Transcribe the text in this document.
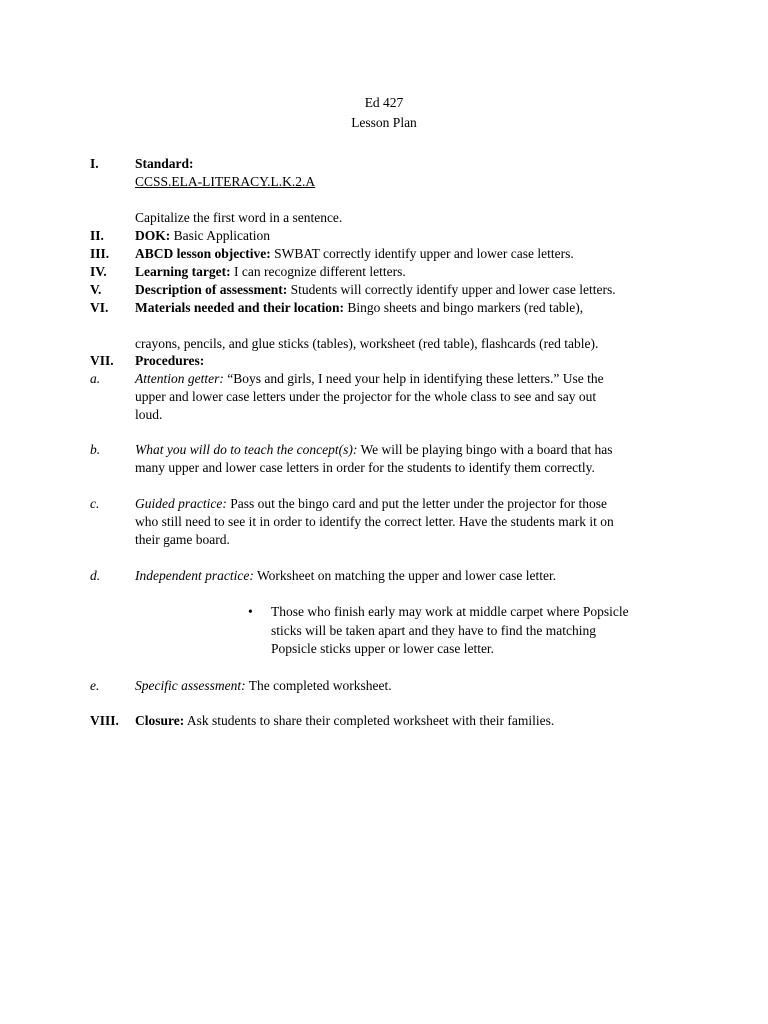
Ed 427
Lesson Plan
I.	Standard:
CCSS.ELA-LITERACY.L.K.2.A
Capitalize the first word in a sentence.
II. DOK: Basic Application
III. ABCD lesson objective: SWBAT correctly identify upper and lower case letters.
IV. Learning target: I can recognize different letters.
V. Description of assessment: Students will correctly identify upper and lower case letters.
VI. Materials needed and their location: Bingo sheets and bingo markers (red table),
crayons, pencils, and glue sticks (tables), worksheet (red table), flashcards (red table).
VII. Procedures:
a.	Attention getter: “Boys and girls, I need your help in identifying these letters.” Use the
upper and lower case letters under the projector for the whole class to see and say out
loud.
b.	What you will do to teach the concept(s): We will be playing bingo with a board that has
many upper and lower case letters in order for the students to identify them correctly.
c.	Guided practice: Pass out the bingo card and put the letter under the projector for those
who still need to see it in order to identify the correct letter. Have the students mark it on
their game board.
d.	Independent practice: Worksheet on matching the upper and lower case letter.
• Those who finish early may work at middle carpet where Popsicle
sticks will be taken apart and they have to find the matching
Popsicle sticks upper or lower case letter.
e.	Specific assessment: The completed worksheet.
VIII. Closure: Ask students to share their completed worksheet with their families.
